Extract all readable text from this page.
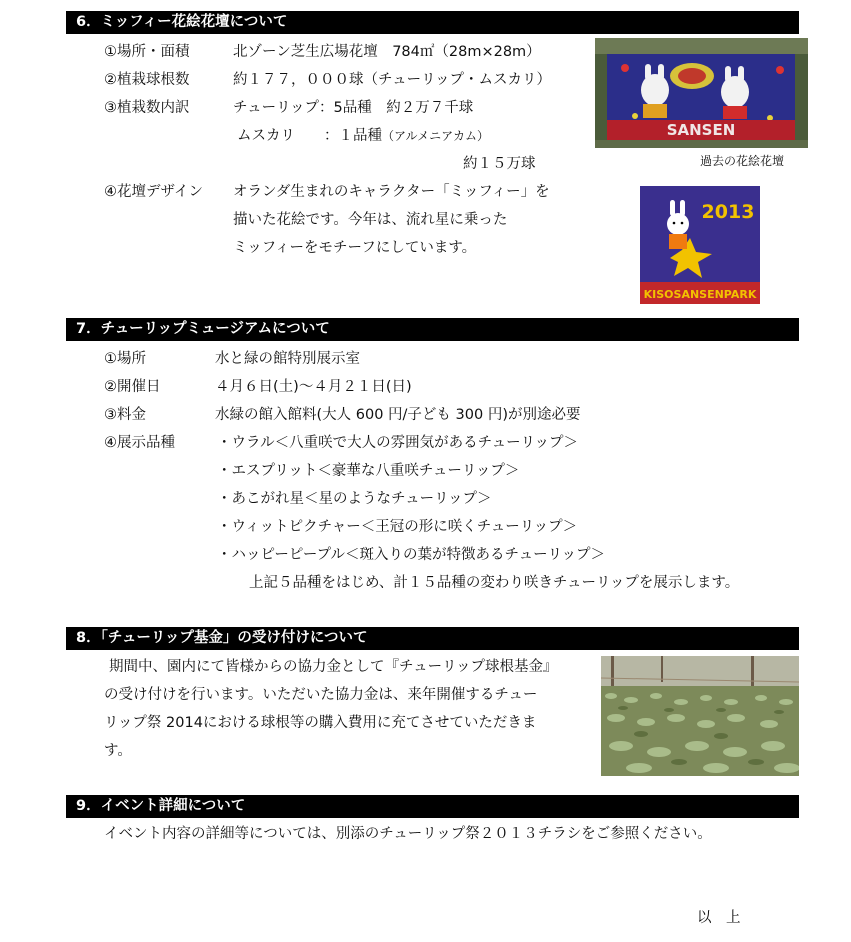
6．ミッフィー花絵花壇について
①場所・面積	北ゾーン芝生広場花壇　784㎡（28m×28m）
②植栽球根数	約１７７，０００球（チューリップ・ムスカリ）
③植栽数内訳	チューリップ：5品種　約２万７千球
ムスカリ　　：１品種（アルメニアカム）
約１５万球
④花壇デザイン オランダ生まれのキャラクター「ミッフィー」を
描いた花絵です。今年は、流れ星に乗った
ミッフィーをモチーフにしています。
SANSEN
過去の花絵花壇
2013
KISOSANSENPARK
7．チューリップミュージアムについて
①場所	水と緑の館特別展示室
②開催日	４月６日(土)～４月２１日(日)
③料金	水緑の館入館料(大人 600 円/子ども 300 円)が別途必要
④展示品種	・ウラル＜八重咲で大人の雰囲気があるチューリップ＞
・エスプリット＜豪華な八重咲チューリップ＞
・あこがれ星＜星のようなチューリップ＞
・ウィットピクチャー＜王冠の形に咲くチューリップ＞
・ハッピーピープル＜斑入りの葉が特徴あるチューリップ＞
上記５品種をはじめ、計１５品種の変わり咲きチューリップを展示します。
8．「チューリップ基金」の受け付けについて
期間中、園内にて皆様からの協力金として『チューリップ球根基金』
の受け付けを行います。いただいた協力金は、来年開催するチュー
リップ祭 2014における球根等の購入費用に充てさせていただきま
す。
9．イベント詳細について
イベント内容の詳細等については、別添のチューリップ祭２０１３チラシをご参照ください。
以　上
